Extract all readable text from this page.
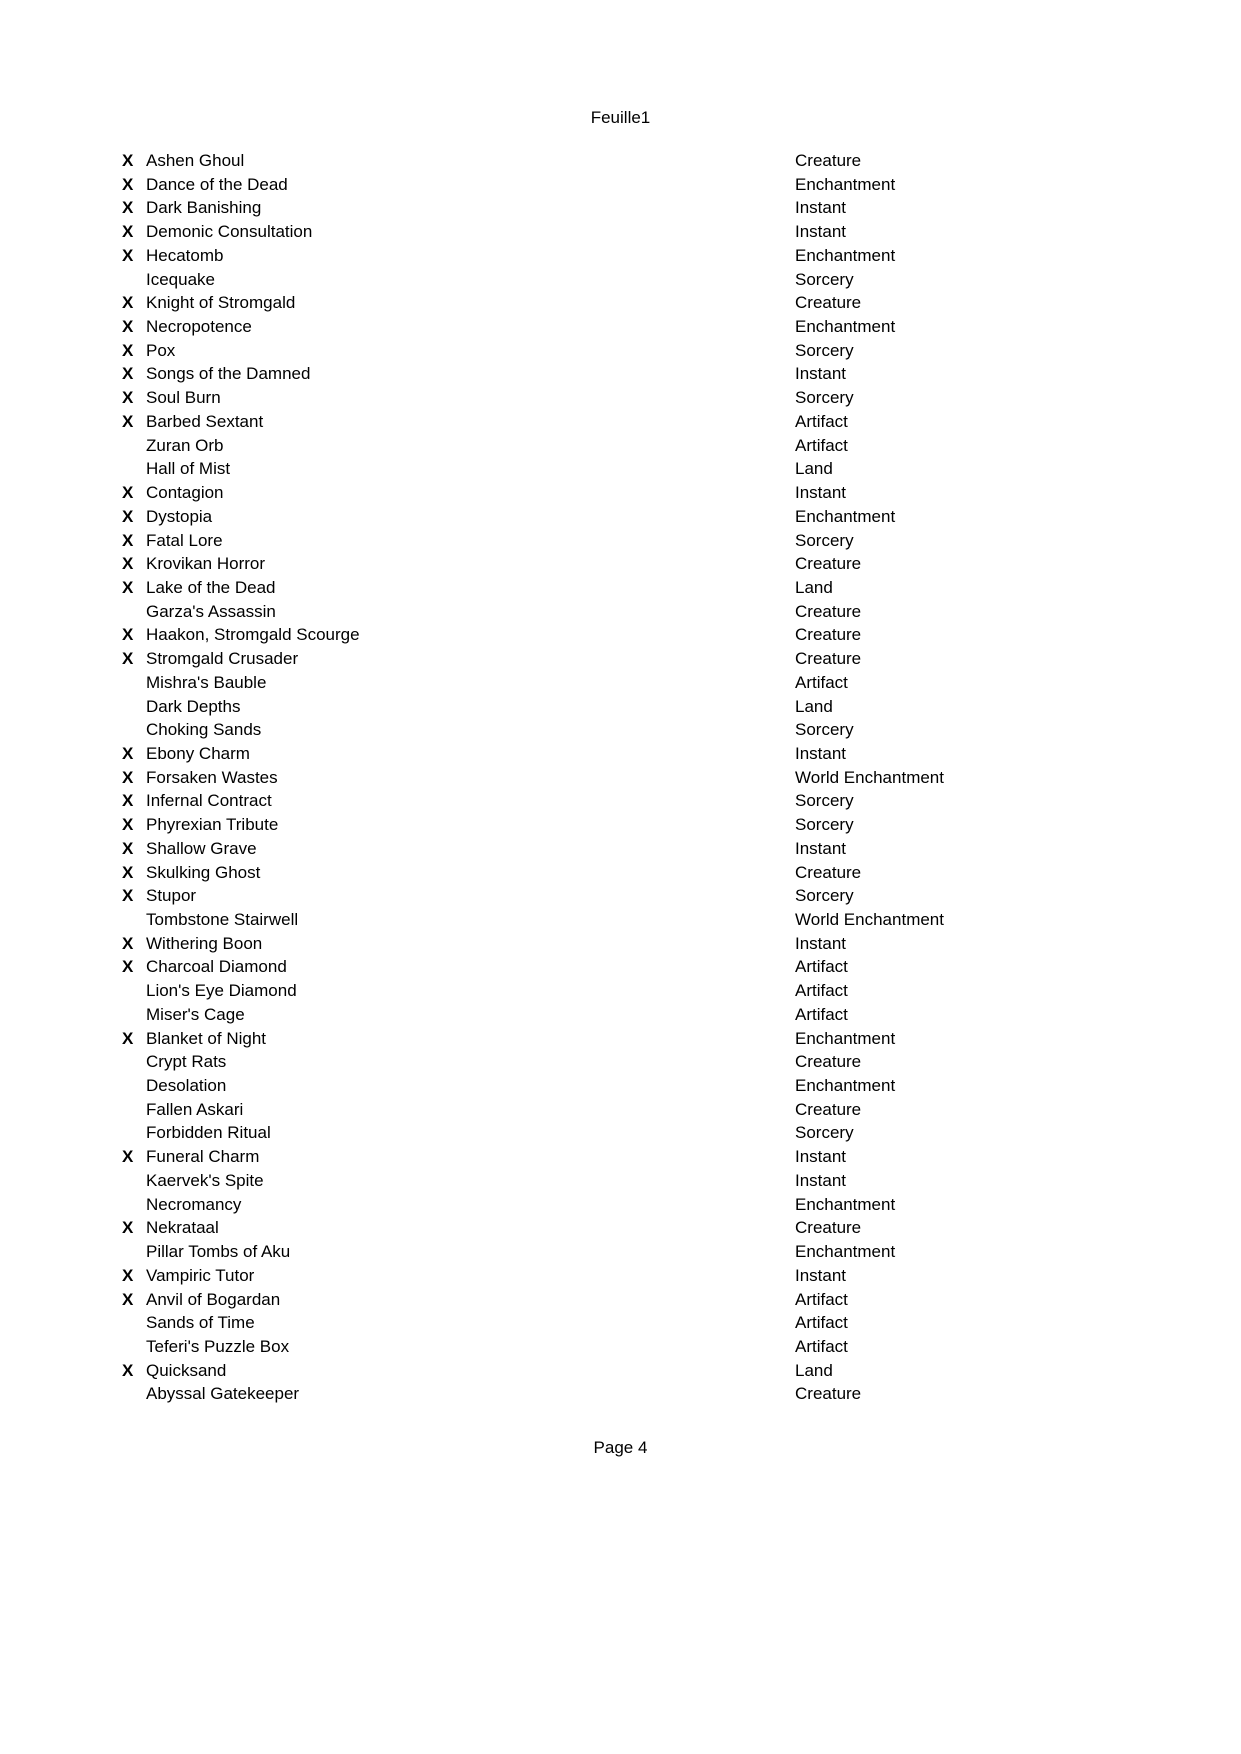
Feuille1
X Ashen Ghoul	Creature
X Dance of the Dead	Enchantment
X Dark Banishing	Instant
X Demonic Consultation	Instant
X Hecatomb	Enchantment
Icequake	Sorcery
X Knight of Stromgald	Creature
X Necropotence	Enchantment
X Pox	Sorcery
X Songs of the Damned	Instant
X Soul Burn	Sorcery
X Barbed Sextant	Artifact
Zuran Orb	Artifact
Hall of Mist	Land
X Contagion	Instant
X Dystopia	Enchantment
X Fatal Lore	Sorcery
X Krovikan Horror	Creature
X Lake of the Dead	Land
Garza's Assassin	Creature
X Haakon, Stromgald Scourge	Creature
X Stromgald Crusader	Creature
Mishra's Bauble	Artifact
Dark Depths	Land
Choking Sands	Sorcery
X Ebony Charm	Instant
X Forsaken Wastes	World Enchantment
X Infernal Contract	Sorcery
X Phyrexian Tribute	Sorcery
X Shallow Grave	Instant
X Skulking Ghost	Creature
X Stupor	Sorcery
Tombstone Stairwell	World Enchantment
X Withering Boon	Instant
X Charcoal Diamond	Artifact
Lion's Eye Diamond	Artifact
Miser's Cage	Artifact
X Blanket of Night	Enchantment
Crypt Rats	Creature
Desolation	Enchantment
Fallen Askari	Creature
Forbidden Ritual	Sorcery
X Funeral Charm	Instant
Kaervek's Spite	Instant
Necromancy	Enchantment
X Nekrataal	Creature
Pillar Tombs of Aku	Enchantment
X Vampiric Tutor	Instant
X Anvil of Bogardan	Artifact
Sands of Time	Artifact
Teferi's Puzzle Box	Artifact
X Quicksand	Land
Abyssal Gatekeeper	Creature
Page 4
